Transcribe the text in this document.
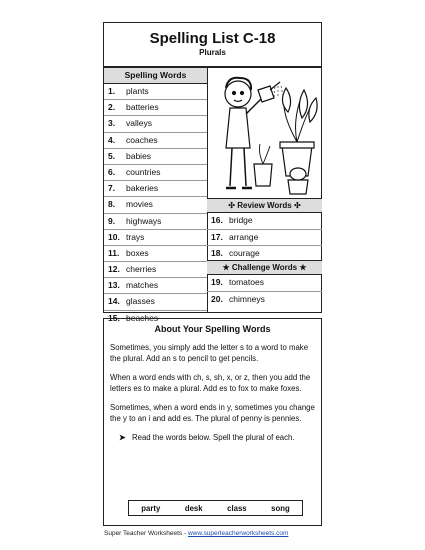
Spelling List C-18
Plurals
Spelling Words
1. plants
2. batteries
3. valleys
4. coaches
5. babies
6. countries
7. bakeries
8. movies
9. highways
10. trays
11. boxes
12. cherries
13. matches
14. glasses
15. beaches
✣ Review Words ✣
16. bridge
17. arrange
18. courage
★ Challenge Words ★
19. tomatoes
20. chimneys
About Your Spelling Words

Sometimes, you simply add the letter s to a word to make the plural. Add an s to pencil to get pencils.

When a word ends with ch, s, sh, x, or z, then you add the letters es to make a plural. Add es to fox to make foxes.

Sometimes, when a word ends in y, sometimes you change the y to an i and add es. The plural of penny is pennies.

➤ Read the words below. Spell the plural of each.
party	desk	class	song
Super Teacher Worksheets - www.superteacherworksheets.com
